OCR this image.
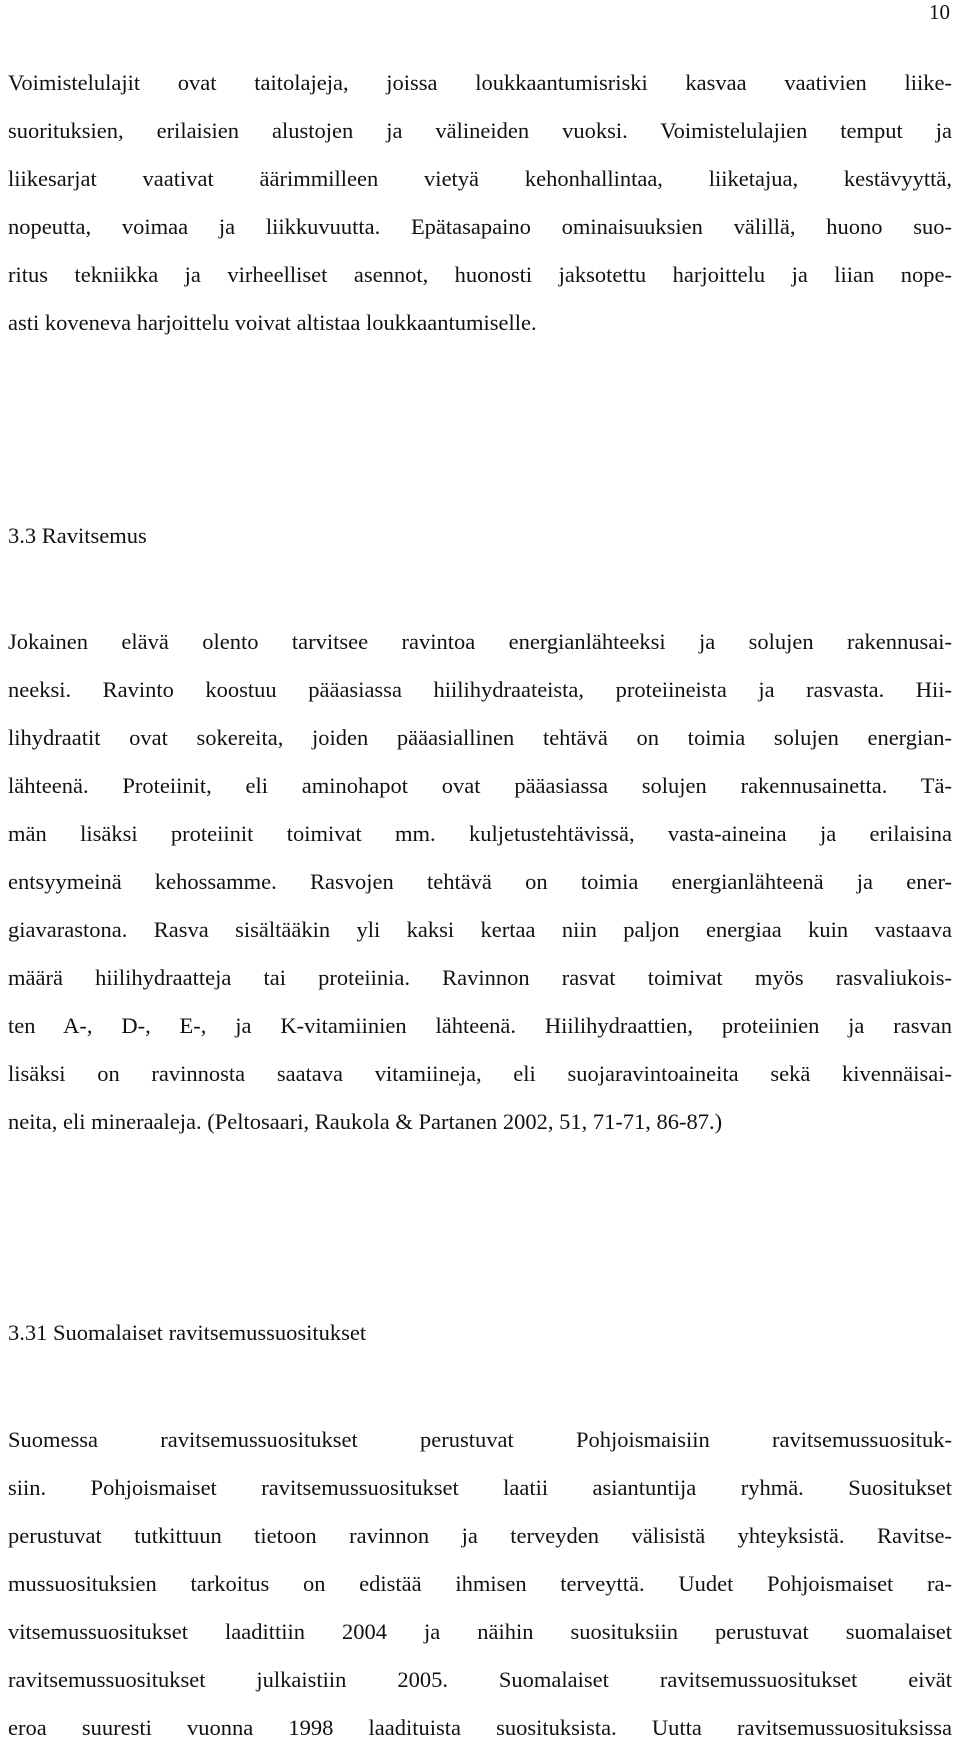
10
Voimistelulajit ovat taitolajeja, joissa loukkaantumisriski kasvaa vaativien liike-
suorituksien, erilaisien alustojen ja välineiden vuoksi. Voimistelulajien temput ja
liikesarjat vaativat äärimmilleen vietyä kehonhallintaa, liiketajua, kestävyyttä,
nopeutta, voimaa ja liikkuvuutta. Epätasapaino ominaisuuksien välillä, huono suo-
ritus tekniikka ja virheelliset asennot, huonosti jaksotettu harjoittelu ja liian nope-
asti koveneva harjoittelu voivat altistaa loukkaantumiselle.
3.3 Ravitsemus
Jokainen elävä olento tarvitsee ravintoa energianlähteeksi ja solujen rakennusai-
neeksi. Ravinto koostuu pääasiassa hiilihydraateista, proteiineista ja rasvasta. Hii-
lihydraatit ovat sokereita, joiden pääasiallinen tehtävä on toimia solujen energian-
lähteenä. Proteiinit, eli aminohapot ovat pääasiassa solujen rakennusainetta. Tä-
män lisäksi proteiinit toimivat mm. kuljetustehtävissä, vasta-aineina ja erilaisina
entsyymeinä kehossamme. Rasvojen tehtävä on toimia energianlähteenä ja ener-
giavarastona. Rasva sisältääkin yli kaksi kertaa niin paljon energiaa kuin vastaava
määrä hiilihydraatteja tai proteiinia. Ravinnon rasvat toimivat myös rasvaliukois-
ten A-, D-, E-, ja K-vitamiinien lähteenä. Hiilihydraattien, proteiinien ja rasvan
lisäksi on ravinnosta saatava vitamiineja, eli suojaravintoaineita sekä kivennäisai-
neita, eli mineraaleja. (Peltosaari, Raukola & Partanen 2002, 51, 71-71, 86-87.)
3.31 Suomalaiset ravitsemussuositukset
Suomessa ravitsemussuositukset perustuvat Pohjoismaisiin ravitsemussuosituk-
siin. Pohjoismaiset ravitsemussuositukset laatii asiantuntija ryhmä. Suositukset
perustuvat tutkittuun tietoon ravinnon ja terveyden välisistä yhteyksistä. Ravitse-
mussuosituksien tarkoitus on edistää ihmisen terveyttä. Uudet Pohjoismaiset ra-
vitsemussuositukset laadittiin 2004 ja näihin suosituksiin perustuvat suomalaiset
ravitsemussuositukset julkaistiin 2005. Suomalaiset ravitsemussuositukset eivät
eroa suuresti vuonna 1998 laadituista suosituksista. Uutta ravitsemussuosituksissa
